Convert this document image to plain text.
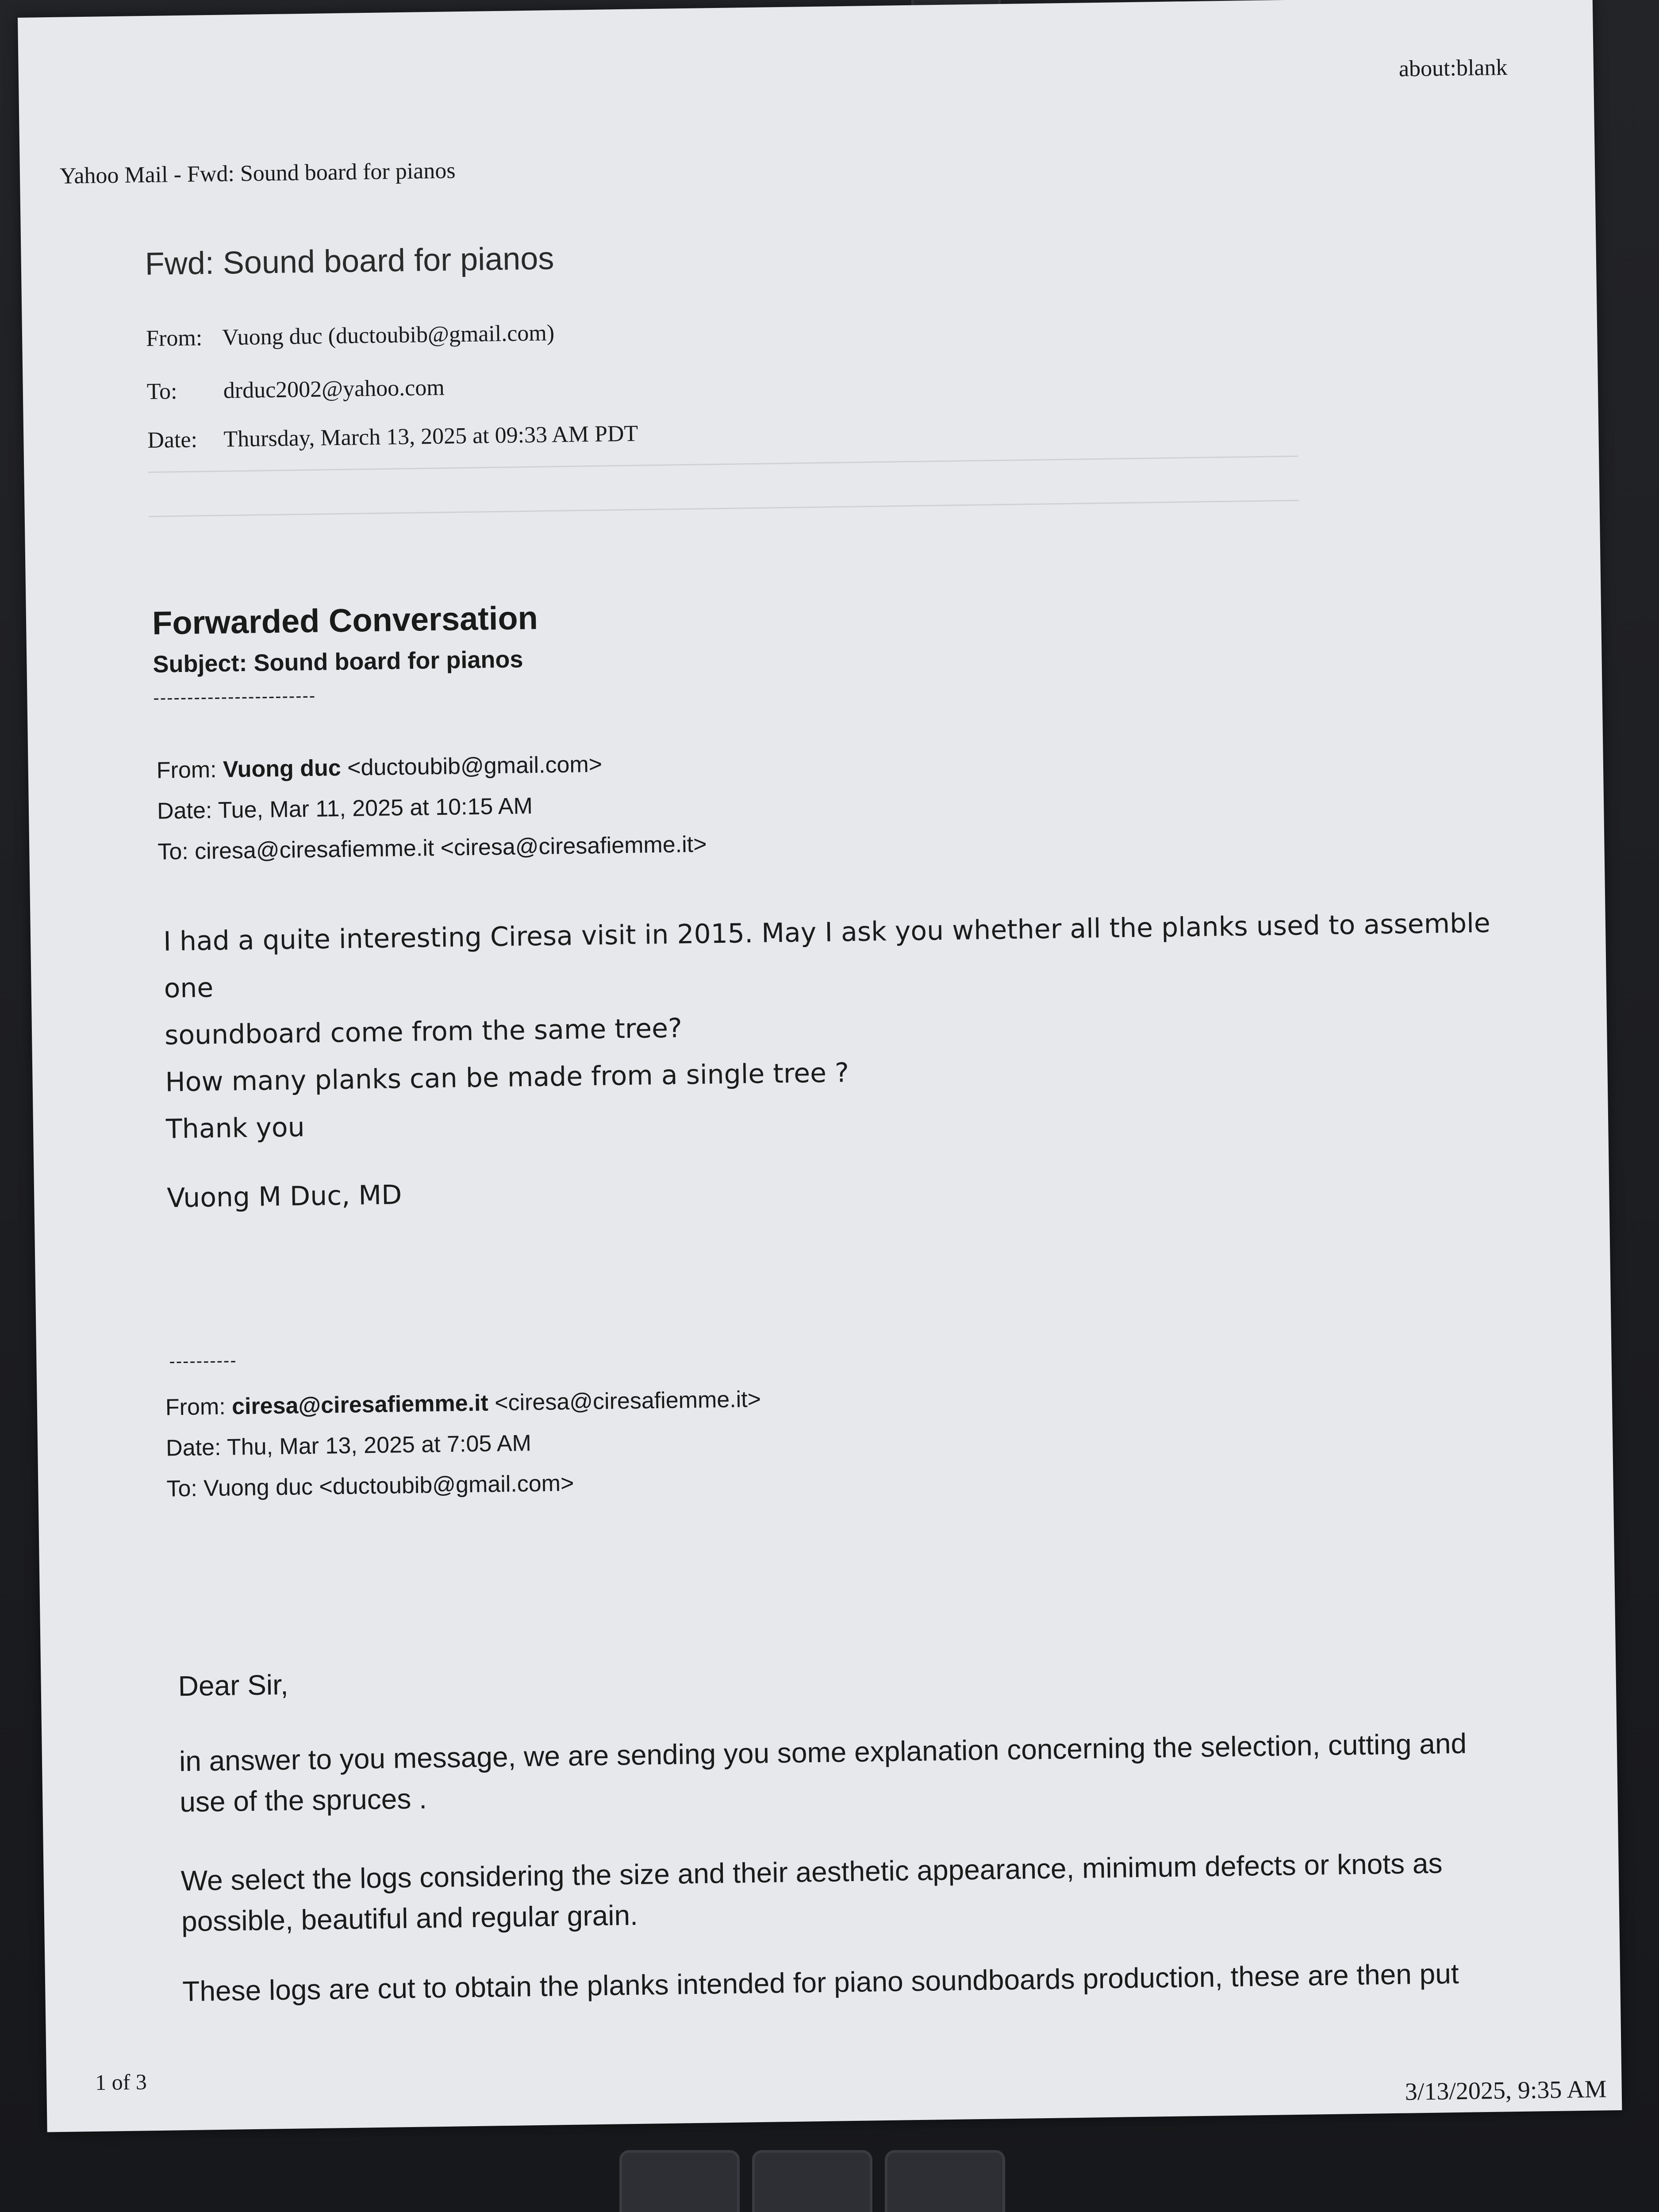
Yahoo Mail - Fwd: Sound board for pianos
about:blank
Fwd: Sound board for pianos
From: Vuong duc (ductoubib@gmail.com)
To: drduc2002@yahoo.com
Date: Thursday, March 13, 2025 at 09:33 AM PDT
Forwarded Conversation
Subject: Sound board for pianos
------------------------
From: Vuong duc <ductoubib@gmail.com>
Date: Tue, Mar 11, 2025 at 10:15 AM
To: ciresa@ciresafiemme.it <ciresa@ciresafiemme.it>
I had a quite interesting Ciresa visit in 2015. May I ask you whether all the planks used to assemble one
soundboard come from the same tree?
How many planks can be made from a single tree ?
Thank you
Vuong M Duc, MD
----------
From: ciresa@ciresafiemme.it <ciresa@ciresafiemme.it>
Date: Thu, Mar 13, 2025 at 7:05 AM
To: Vuong duc <ductoubib@gmail.com>
Dear Sir,
in answer to you message, we are sending you some explanation concerning the selection, cutting and
use of the spruces .
We select the logs considering the size and their aesthetic appearance, minimum defects or knots as
possible, beautiful and regular grain.
These logs are cut to obtain the planks intended for piano soundboards production, these are then put
1 of 3	3/13/2025, 9:35 AM
